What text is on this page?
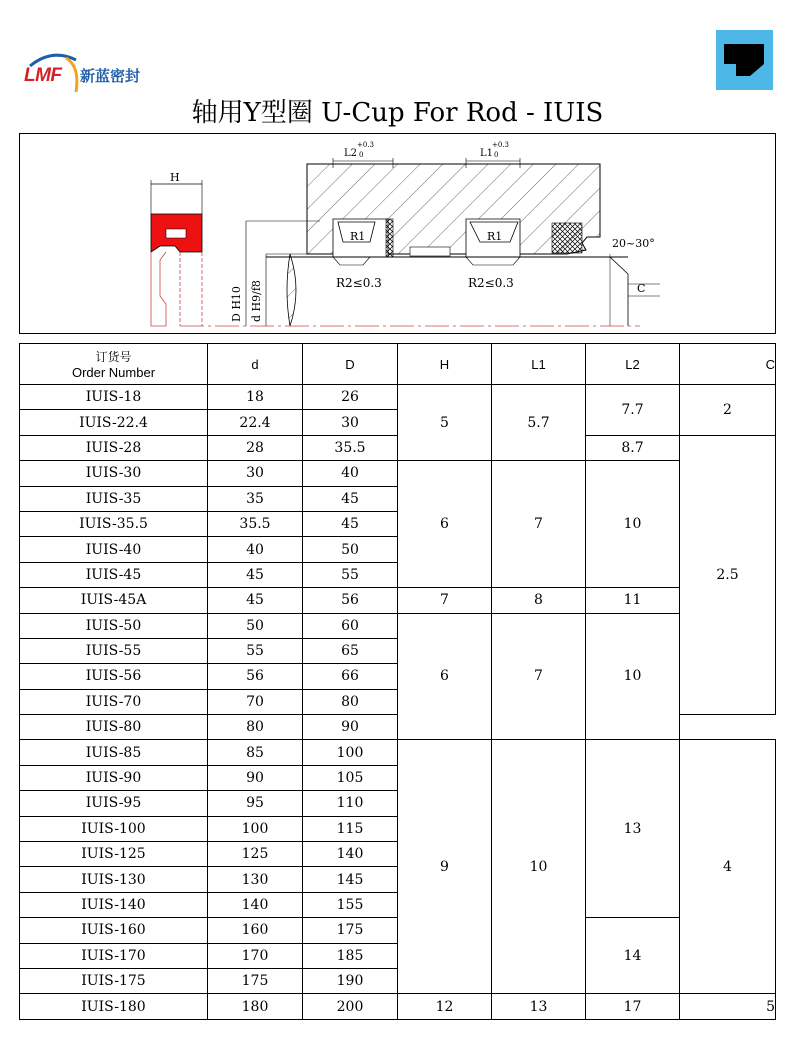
LMF 新蓝密封
轴用Y型圈 U-Cup For Rod - IUIS
H
D H10 d H9/f8
R1	R1
L2
+0.3
0	L1
+0.3
0
R2≤0.3	R2≤0.3
20~30°
C
订货号
Order Number	d	D	H	L1	L2	C
IUIS-18	18	26	5	5.7	7.7	2
IUIS-22.4	22.4	30				
IUIS-28	28	35.5			8.7	2.5
IUIS-30	30	40	6	7	10	
IUIS-35	35	45				
IUIS-35.5	35.5	45				
IUIS-40	40	50				
IUIS-45	45	55				
IUIS-45A	45	56	7	8	11	
IUIS-50	50	60	6	7	10	
IUIS-55	55	65				
IUIS-56	56	66				
IUIS-70	70	80				
IUIS-80	80	90				
IUIS-85	85	100	9	10	13	4
IUIS-90	90	105				
IUIS-95	95	110				
IUIS-100	100	115				
IUIS-125	125	140				
IUIS-130	130	145				
IUIS-140	140	155				
IUIS-160	160	175			14	
IUIS-170	170	185				
IUIS-175	175	190				
IUIS-180	180	200	12	13	17	5
